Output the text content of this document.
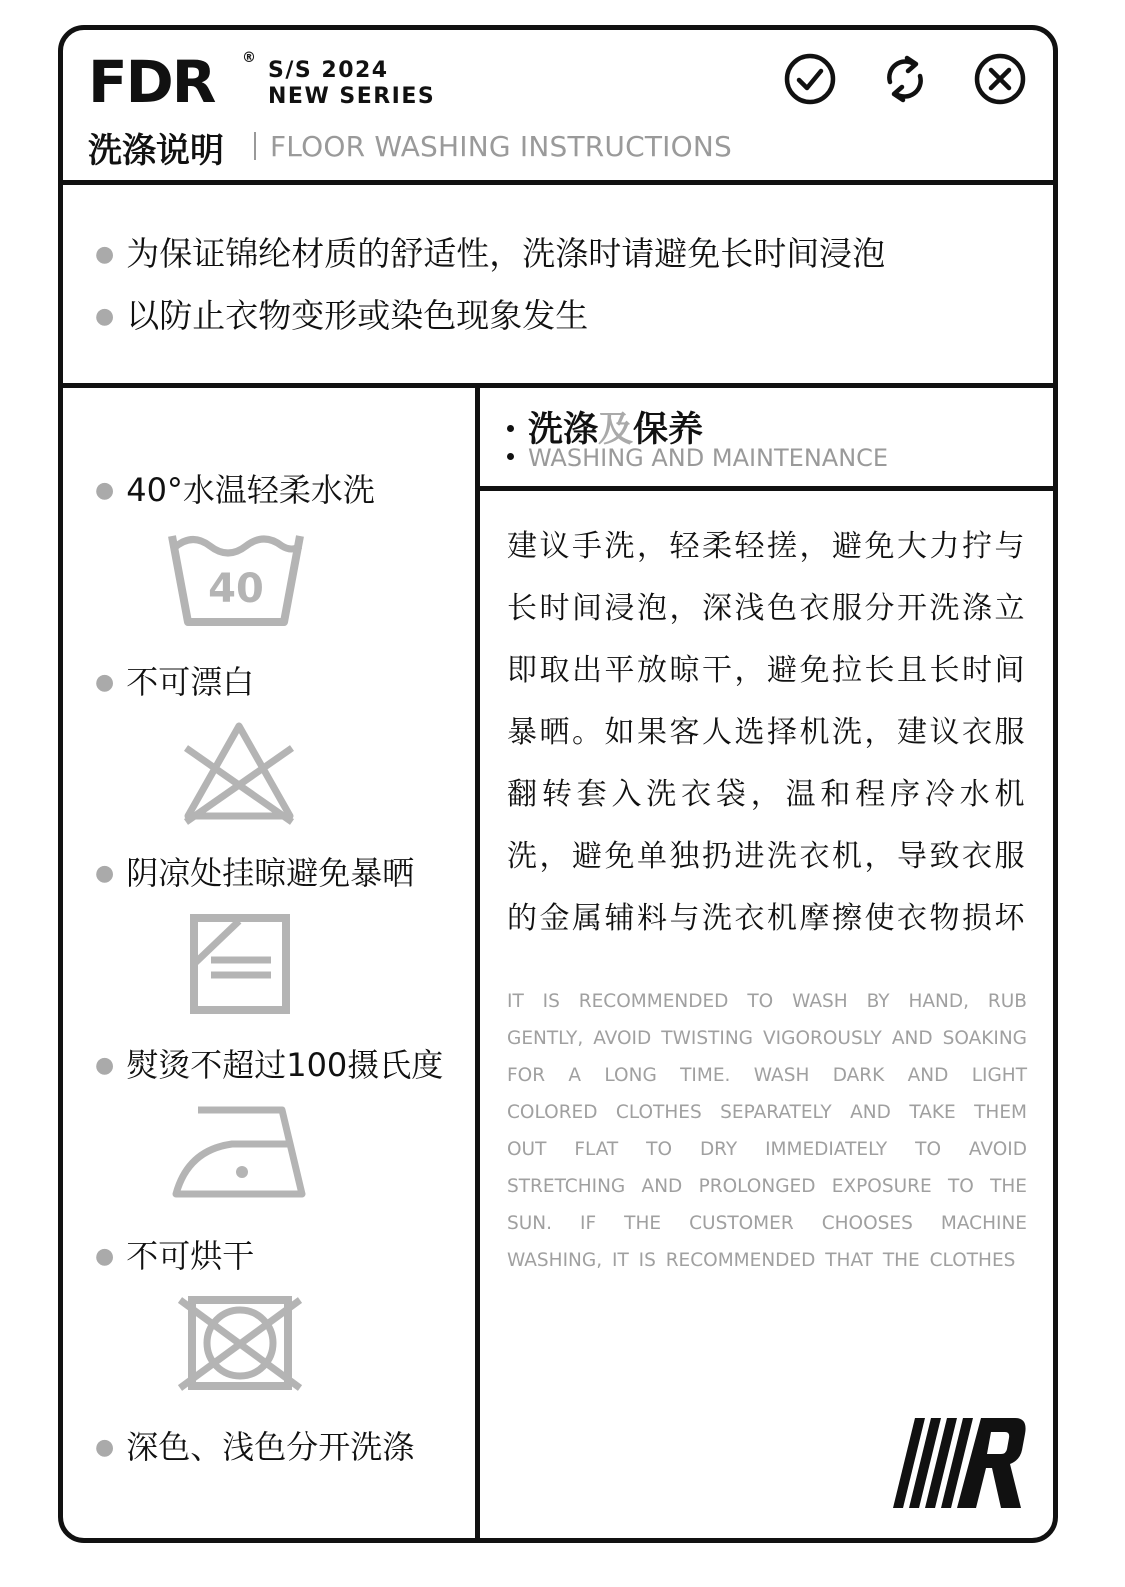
FDR ® S/S 2024
NEW SERIES
洗涤说明 FLOOR WASHING INSTRUCTIONS
● 为保证锦纶材质的舒适性，洗涤时请避免长时间浸泡
● 以防止衣物变形或染色现象发生
● 40°水温轻柔水洗
40
● 不可漂白
● 阴凉处挂晾避免暴晒
● 熨烫不超过100摄氏度
● 不可烘干
● 深色、浅色分开洗涤
洗涤及保养
WASHING AND MAINTENANCE
建议手洗，轻柔轻搓，避免大力拧与长时间浸泡，深浅色衣服分开洗涤立即取出平放晾干，避免拉长且长时间暴晒。如果客人选择机洗，建议衣服翻转套入洗衣袋，温和程序冷水机洗，避免单独扔进洗衣机，导致衣服的金属辅料与洗衣机摩擦使衣物损坏
IT IS RECOMMENDED TO WASH BY HAND, RUB GENTLY, AVOID TWISTING VIGOROUSLY AND SOAKING FOR A LONG TIME. WASH DARK AND LIGHT COLORED CLOTHES SEPARATELY AND TAKE THEM OUT FLAT TO DRY IMMEDIATELY TO AVOID STRETCHING AND PROLONGED EXPOSURE TO THE SUN. IF THE CUSTOMER CHOOSES MACHINE WASHING, IT IS RECOMMENDED THAT THE CLOTHES
